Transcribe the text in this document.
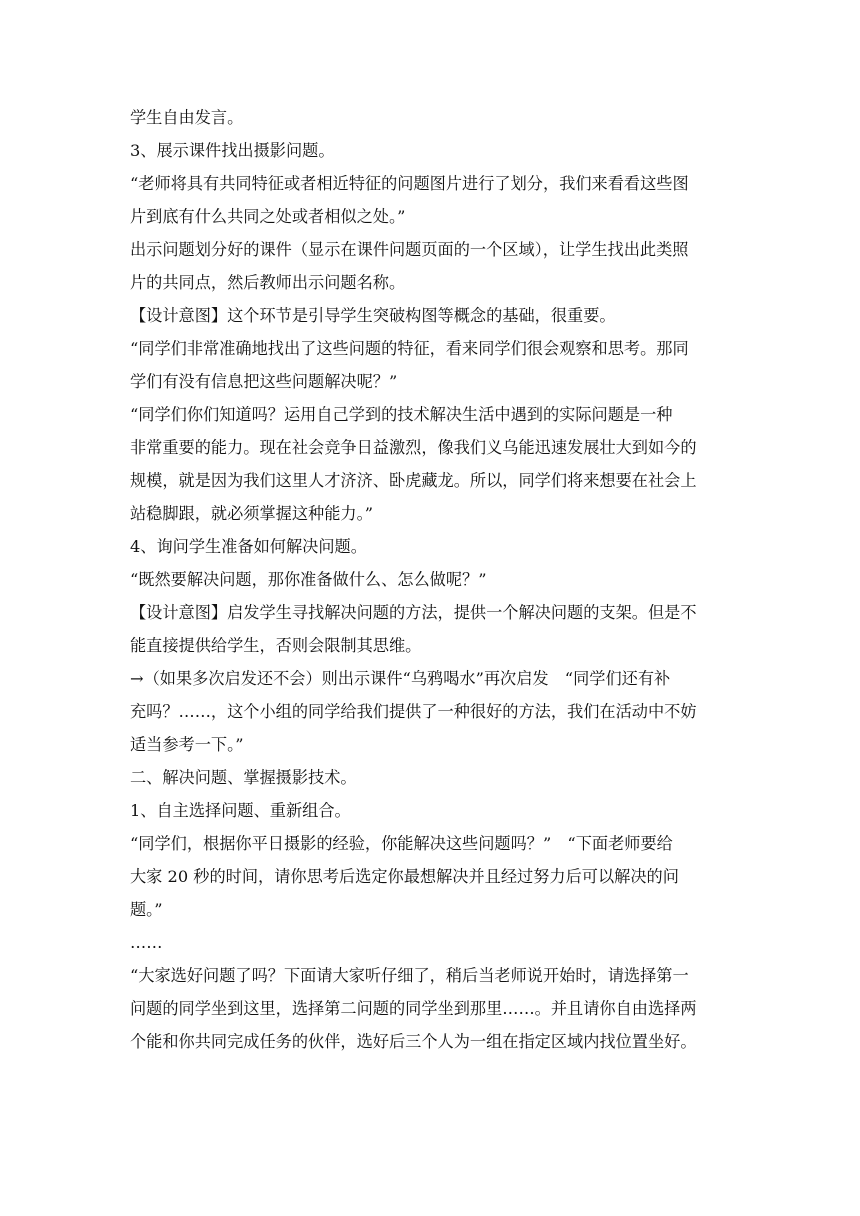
学生自由发言。

3、展示课件找出摄影问题。

“老师将具有共同特征或者相近特征的问题图片进行了划分，我们来看看这些图

片到底有什么共同之处或者相似之处。”

出示问题划分好的课件（显示在课件问题页面的一个区域），让学生找出此类照

片的共同点，然后教师出示问题名称。

【设计意图】这个环节是引导学生突破构图等概念的基础，很重要。

“同学们非常准确地找出了这些问题的特征，看来同学们很会观察和思考。那同

学们有没有信息把这些问题解决呢？”

“同学们你们知道吗？运用自己学到的技术解决生活中遇到的实际问题是一种

非常重要的能力。现在社会竞争日益激烈，像我们义乌能迅速发展壮大到如今的

规模，就是因为我们这里人才济济、卧虎藏龙。所以，同学们将来想要在社会上

站稳脚跟，就必须掌握这种能力。”

4、询问学生准备如何解决问题。

“既然要解决问题，那你准备做什么、怎么做呢？”

【设计意图】启发学生寻找解决问题的方法，提供一个解决问题的支架。但是不

能直接提供给学生，否则会限制其思维。

→（如果多次启发还不会）则出示课件“乌鸦喝水”再次启发　“同学们还有补

充吗？……，这个小组的同学给我们提供了一种很好的方法，我们在活动中不妨

适当参考一下。”

二、解决问题、掌握摄影技术。

1、自主选择问题、重新组合。

“同学们，根据你平日摄影的经验，你能解决这些问题吗？”　“下面老师要给

大家 20 秒的时间，请你思考后选定你最想解决并且经过努力后可以解决的问

题。”

……

“大家选好问题了吗？下面请大家听仔细了，稍后当老师说开始时，请选择第一

问题的同学坐到这里，选择第二问题的同学坐到那里……。并且请你自由选择两

个能和你共同完成任务的伙伴，选好后三个人为一组在指定区域内找位置坐好。
